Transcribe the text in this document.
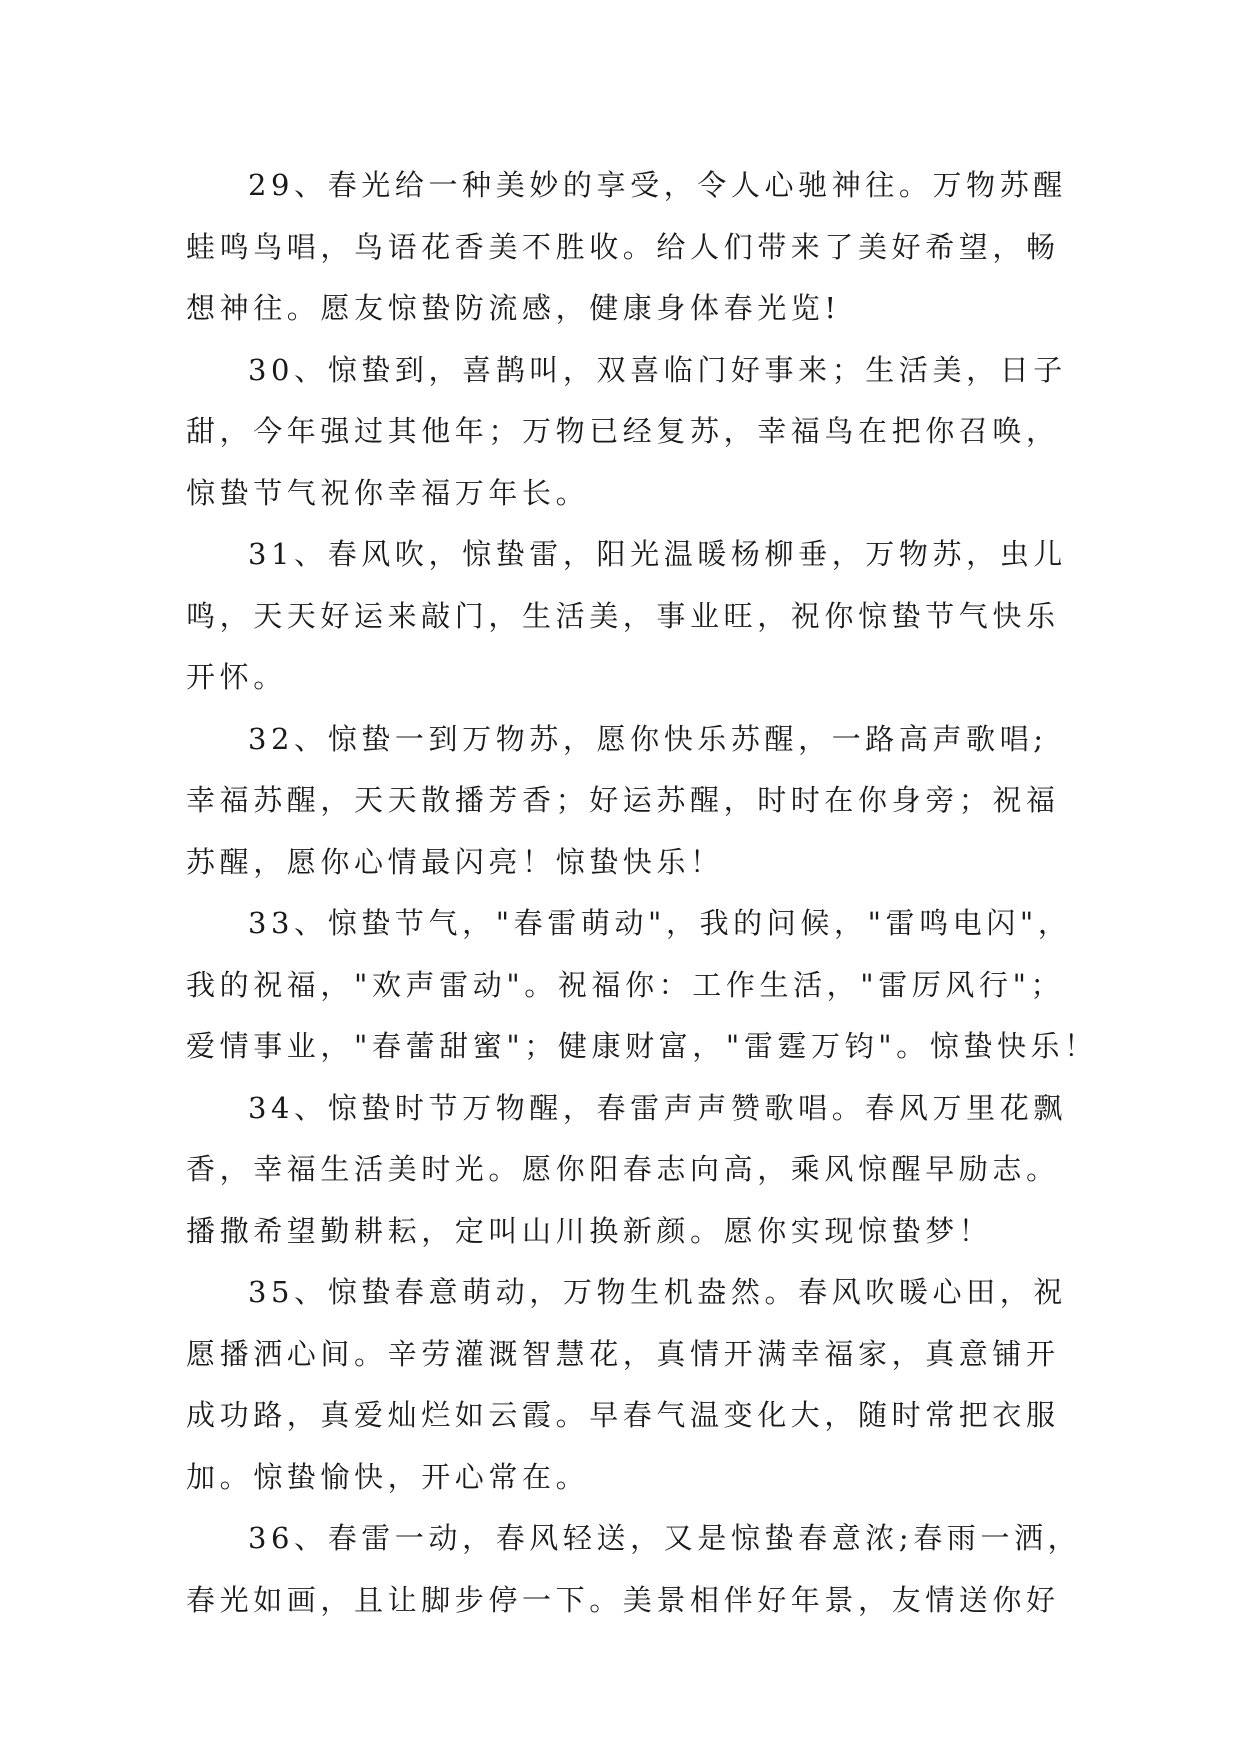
29、春光给一种美妙的享受，令人心驰神往。万物苏醒
蛙鸣鸟唱，鸟语花香美不胜收。给人们带来了美好希望，畅
想神往。愿友惊蛰防流感，健康身体春光览!
30、惊蛰到，喜鹊叫，双喜临门好事来；生活美，日子
甜，今年强过其他年；万物已经复苏，幸福鸟在把你召唤，
惊蛰节气祝你幸福万年长。
31、春风吹，惊蛰雷，阳光温暖杨柳垂，万物苏，虫儿
鸣，天天好运来敲门，生活美，事业旺，祝你惊蛰节气快乐
开怀。
32、惊蛰一到万物苏，愿你快乐苏醒，一路高声歌唱;
幸福苏醒，天天散播芳香；好运苏醒，时时在你身旁；祝福
苏醒，愿你心情最闪亮！惊蛰快乐！
33、惊蛰节气，"春雷萌动"，我的问候，"雷鸣电闪"，
我的祝福，"欢声雷动"。祝福你：工作生活，"雷厉风行"；
爱情事业，"春蕾甜蜜"；健康财富，"雷霆万钧"。惊蛰快乐！
34、惊蛰时节万物醒，春雷声声赞歌唱。春风万里花飘
香，幸福生活美时光。愿你阳春志向高，乘风惊醒早励志。
播撒希望勤耕耘，定叫山川换新颜。愿你实现惊蛰梦！
35、惊蛰春意萌动，万物生机盎然。春风吹暖心田，祝
愿播洒心间。辛劳灌溉智慧花，真情开满幸福家，真意铺开
成功路，真爱灿烂如云霞。早春气温变化大，随时常把衣服
加。惊蛰愉快，开心常在。
36、春雷一动，春风轻送，又是惊蛰春意浓;春雨一洒，
春光如画，且让脚步停一下。美景相伴好年景，友情送你好
